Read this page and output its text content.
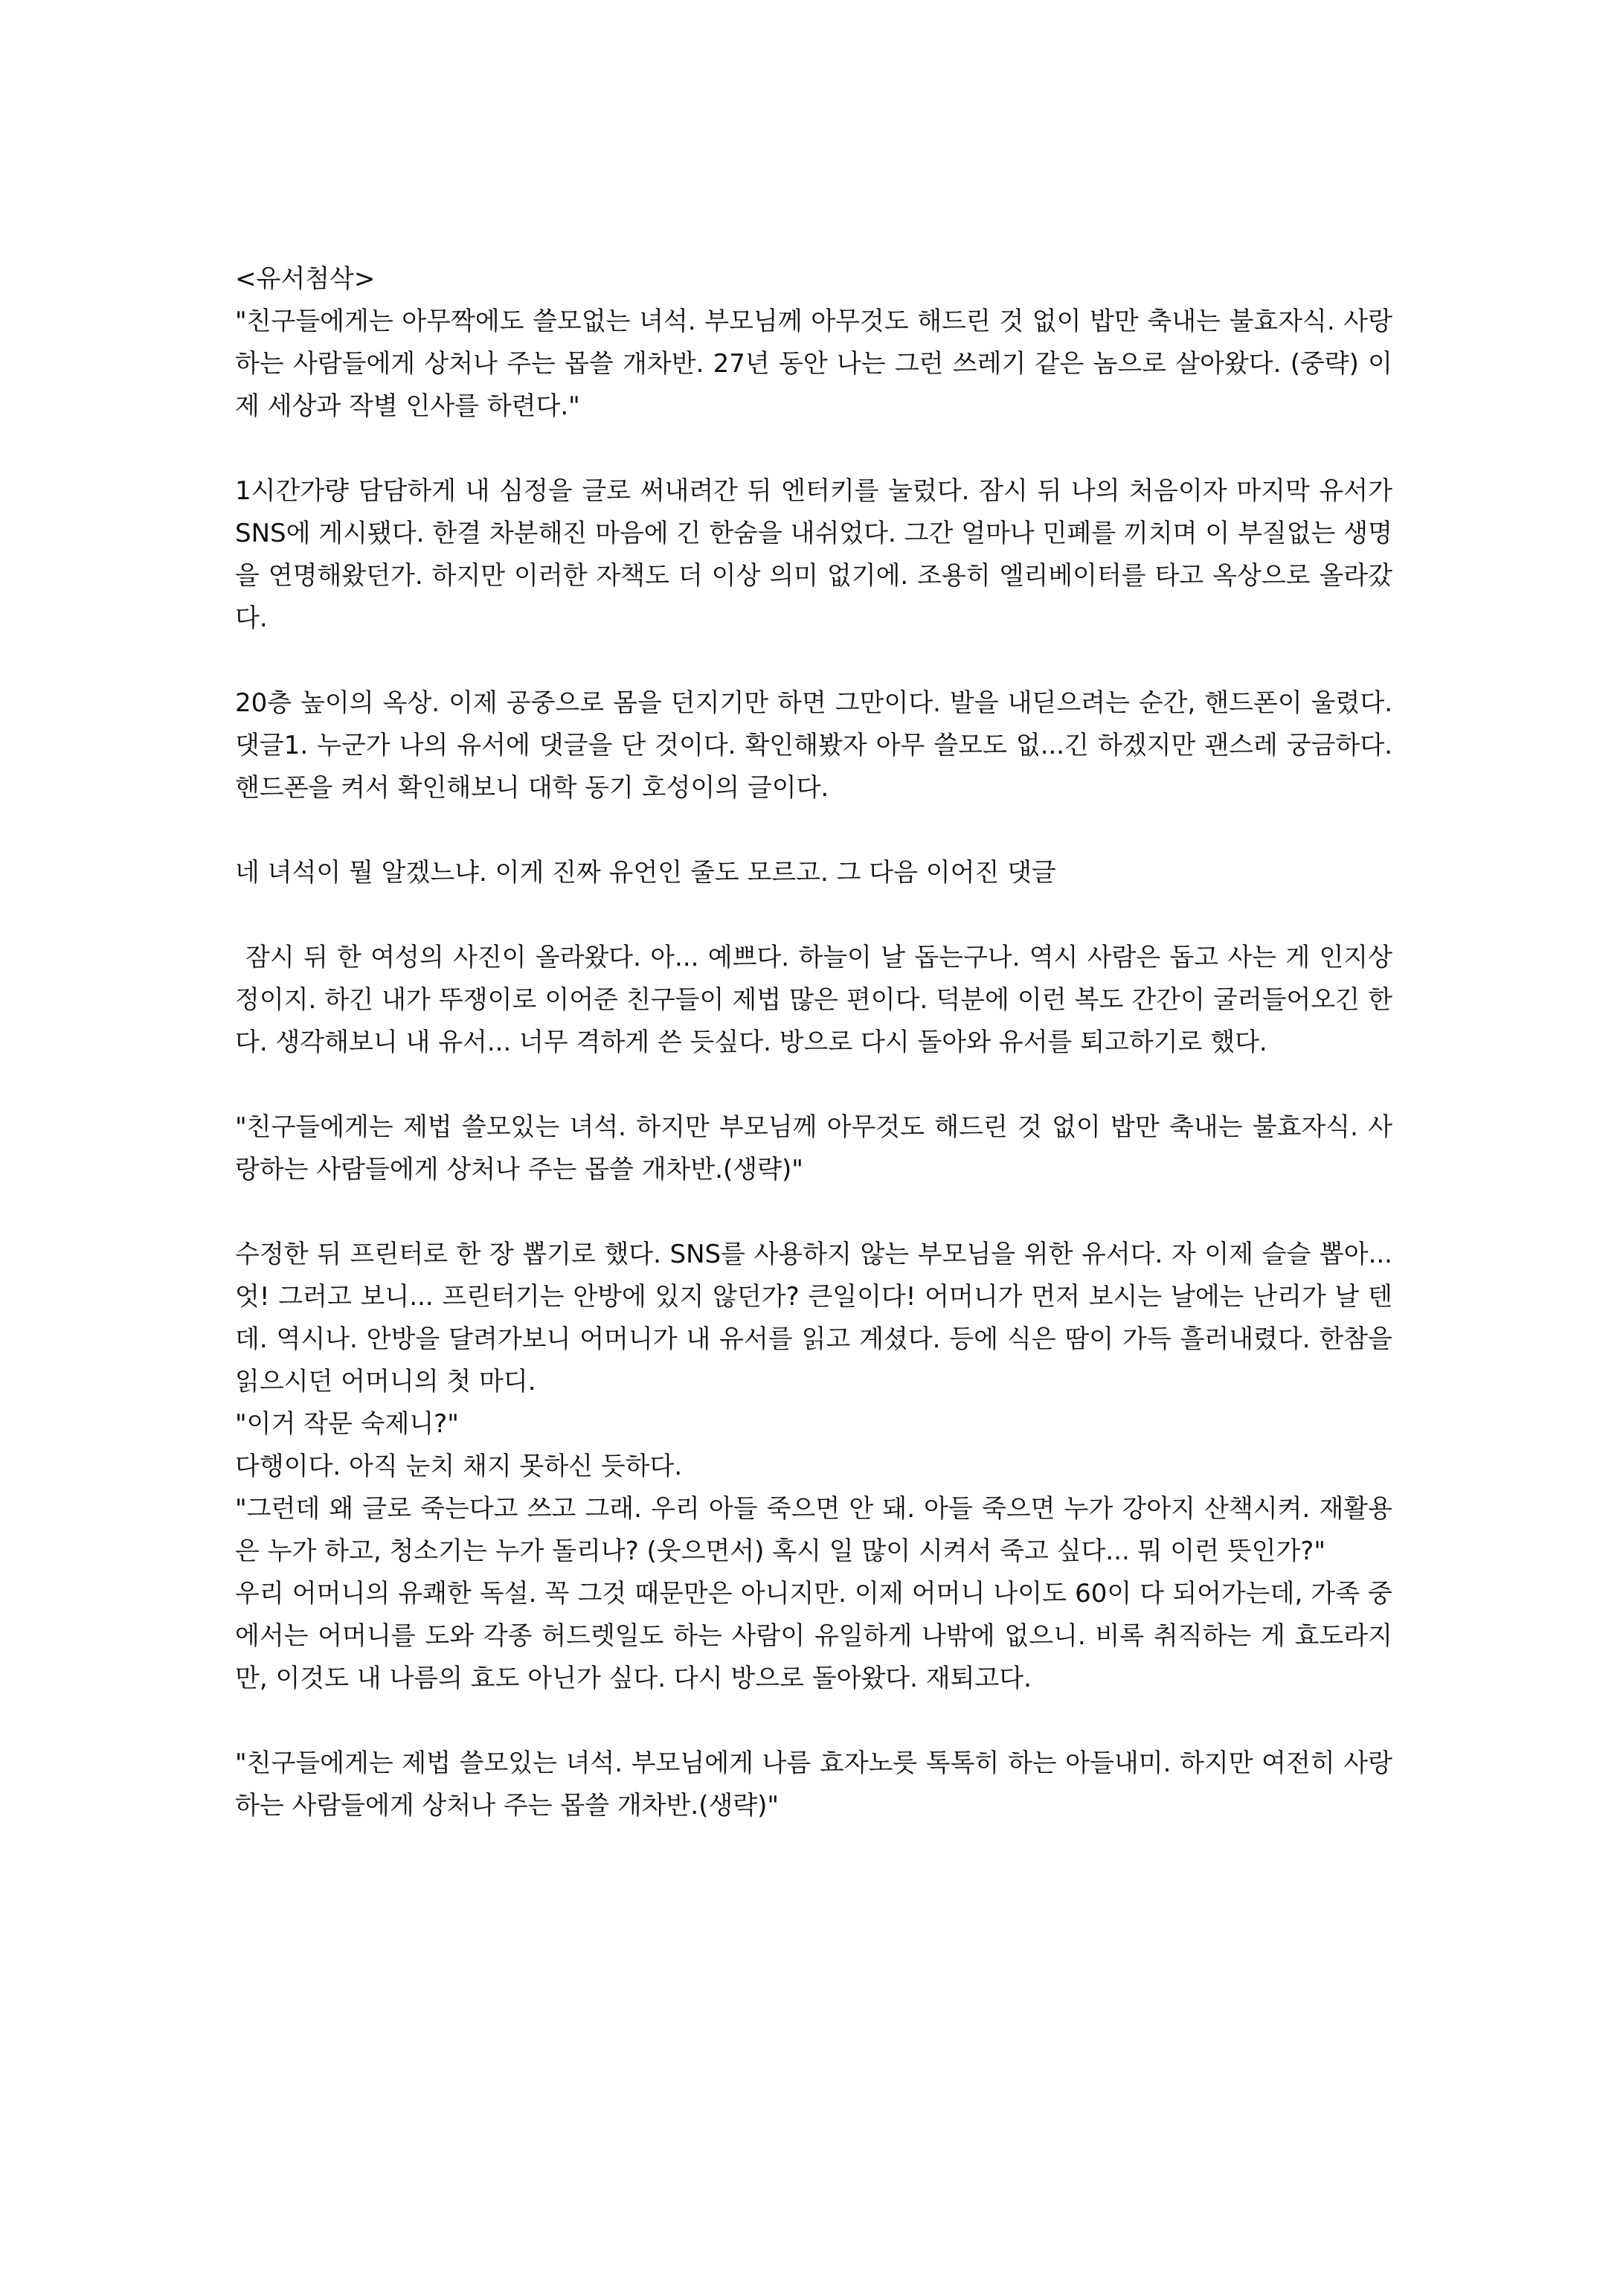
<유서첨삭>

"친구들에게는 아무짝에도 쓸모없는 녀석. 부모님께 아무것도 해드린 것 없이 밥만 축내는 불효자식. 사랑하는 사람들에게 상처나 주는 몹쓸 개차반. 27년 동안 나는 그런 쓰레기 같은 놈으로 살아왔다. (중략) 이제 세상과 작별 인사를 하련다."

1시간가량 담담하게 내 심정을 글로 써내려간 뒤 엔터키를 눌렀다. 잠시 뒤 나의 처음이자 마지막 유서가 SNS에 게시됐다. 한결 차분해진 마음에 긴 한숨을 내쉬었다. 그간 얼마나 민폐를 끼치며 이 부질없는 생명을 연명해왔던가. 하지만 이러한 자책도 더 이상 의미 없기에. 조용히 엘리베이터를 타고 옥상으로 올라갔다.

20층 높이의 옥상. 이제 공중으로 몸을 던지기만 하면 그만이다. 발을 내딛으려는 순간, 핸드폰이 울렸다. 댓글1. 누군가 나의 유서에 댓글을 단 것이다. 확인해봤자 아무 쓸모도 없...긴 하겠지만 괜스레 궁금하다. 핸드폰을 켜서 확인해보니 대학 동기 호성이의 글이다.

네 녀석이 뭘 알겠느냐. 이게 진짜 유언인 줄도 모르고. 그 다음 이어진 댓글

잠시 뒤 한 여성의 사진이 올라왔다. 아... 예쁘다. 하늘이 날 돕는구나. 역시 사람은 돕고 사는 게 인지상정이지. 하긴 내가 뚜쟁이로 이어준 친구들이 제법 많은 편이다. 덕분에 이런 복도 간간이 굴러들어오긴 한다. 생각해보니 내 유서... 너무 격하게 쓴 듯싶다. 방으로 다시 돌아와 유서를 퇴고하기로 했다.

"친구들에게는 제법 쓸모있는 녀석. 하지만 부모님께 아무것도 해드린 것 없이 밥만 축내는 불효자식. 사랑하는 사람들에게 상처나 주는 몹쓸 개차반.(생략)"

수정한 뒤 프린터로 한 장 뽑기로 했다. SNS를 사용하지 않는 부모님을 위한 유서다. 자 이제 슬슬 뽑아... 엇! 그러고 보니... 프린터기는 안방에 있지 않던가? 큰일이다! 어머니가 먼저 보시는 날에는 난리가 날 텐데. 역시나. 안방을 달려가보니 어머니가 내 유서를 읽고 계셨다. 등에 식은 땀이 가득 흘러내렸다. 한참을 읽으시던 어머니의 첫 마디.

"이거 작문 숙제니?"

다행이다. 아직 눈치 채지 못하신 듯하다.

"그런데 왜 글로 죽는다고 쓰고 그래. 우리 아들 죽으면 안 돼. 아들 죽으면 누가 강아지 산책시켜. 재활용은 누가 하고, 청소기는 누가 돌리나? (웃으면서) 혹시 일 많이 시켜서 죽고 싶다... 뭐 이런 뜻인가?"

우리 어머니의 유쾌한 독설. 꼭 그것 때문만은 아니지만. 이제 어머니 나이도 60이 다 되어가는데, 가족 중에서는 어머니를 도와 각종 허드렛일도 하는 사람이 유일하게 나밖에 없으니. 비록 취직하는 게 효도라지만, 이것도 내 나름의 효도 아닌가 싶다. 다시 방으로 돌아왔다. 재퇴고다.

"친구들에게는 제법 쓸모있는 녀석. 부모님에게 나름 효자노릇 톡톡히 하는 아들내미. 하지만 여전히 사랑하는 사람들에게 상처나 주는 몹쓸 개차반.(생략)"
